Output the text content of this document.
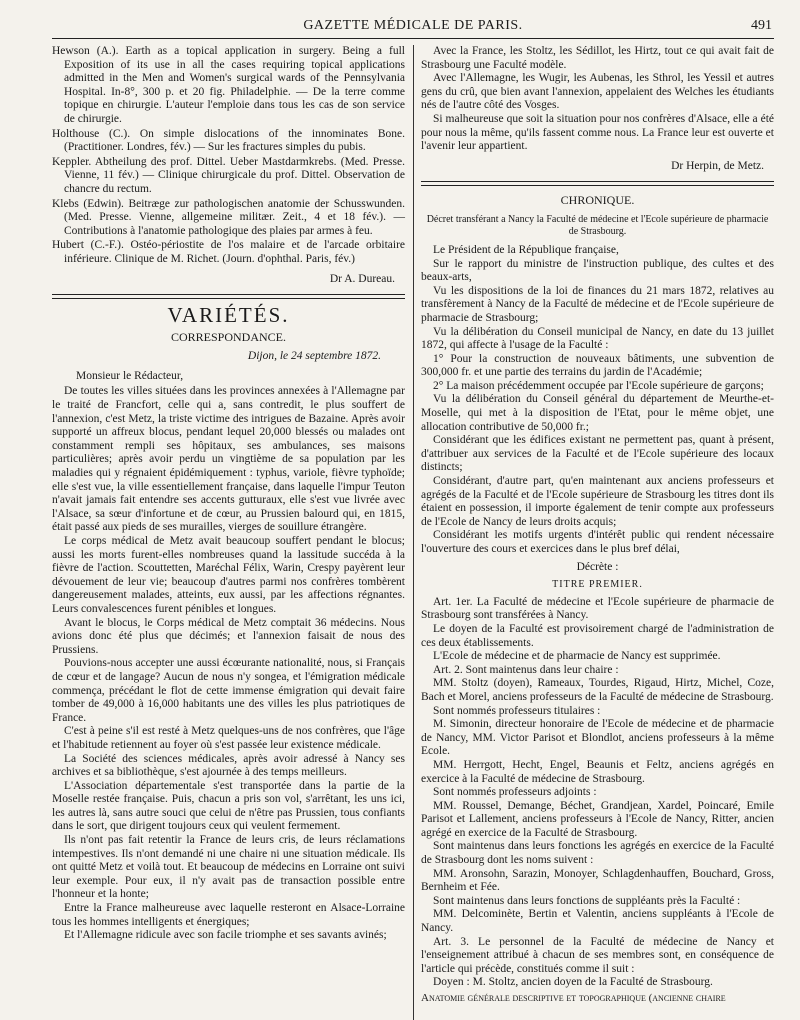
GAZETTE MÉDICALE DE PARIS.	491

Hewson (A.). Earth as a topical application in surgery. Being a full Exposition of its use in all the cases requiring topical applications admitted in the Men and Women's surgical wards of the Pennsylvania Hospital. In-8°, 300 p. et 20 fig. Philadelphie. — De la terre comme topique en chirurgie. L'auteur l'emploie dans tous les cas de son service de chirurgie.

Holthouse (C.). On simple dislocations of the innominates Bone. (Practitioner. Londres, fév.) — Sur les fractures simples du pubis.

Keppler. Abtheilung des prof. Dittel. Ueber Mastdarmkrebs. (Med. Presse. Vienne, 11 fév.) — Clinique chirurgicale du prof. Dittel. Observation de chancre du rectum.

Klebs (Edwin). Beitræge zur pathologischen anatomie der Schusswunden. (Med. Presse. Vienne, allgemeine militær. Zeit., 4 et 18 fév.). — Contributions à l'anatomie pathologique des plaies par armes à feu.

Hubert (C.-F.). Ostéo-périostite de l'os malaire et de l'arcade orbitaire inférieure. Clinique de M. Richet. (Journ. d'ophthal. Paris, fév.)

Dr A. Dureau.
VARIÉTÉS.
CORRESPONDANCE.
Dijon, le 24 septembre 1872.

Monsieur le Rédacteur,

De toutes les villes situées dans les provinces annexées à l'Allemagne par le traité de Francfort, celle qui a, sans contredit, le plus souffert de l'annexion, c'est Metz, la triste victime des intrigues de Bazaine. Après avoir supporté un affreux blocus, pendant lequel 20,000 blessés ou malades ont constamment rempli ses hôpitaux, ses ambulances, ses maisons particulières; après avoir perdu un vingtième de sa population par les maladies qui y régnaient épidémiquement : typhus, variole, fièvre typhoïde; elle s'est vue, la ville essentiellement française, dans laquelle l'impur Teuton n'avait jamais fait entendre ses accents gutturaux, elle s'est vue livrée avec l'Alsace, sa sœur d'infortune et de cœur, au Prussien balourd qui, en 1815, était passé aux pieds de ses murailles, vierges de souillure étrangère.

Le corps médical de Metz avait beaucoup souffert pendant le blocus; aussi les morts furent-elles nombreuses quand la lassitude succéda à la fièvre de l'action. Scouttetten, Maréchal Félix, Warin, Crespy payèrent leur dévouement de leur vie; beaucoup d'autres parmi nos confrères tombèrent dangereusement malades, atteints, eux aussi, par les affections régnantes. Leurs convalescences furent pénibles et longues.

Avant le blocus, le Corps médical de Metz comptait 36 médecins. Nous avions donc été plus que décimés; et l'annexion faisait de nous des Prussiens.

Pouvions-nous accepter une aussi écœurante nationalité, nous, si Français de cœur et de langage? Aucun de nous n'y songea, et l'émigration médicale commença, précédant le flot de cette immense émigration qui devait faire tomber de 49,000 à 16,000 habitants une des villes les plus patriotiques de France.

C'est à peine s'il est resté à Metz quelques-uns de nos confrères, que l'âge et l'habitude retiennent au foyer où s'est passée leur existence médicale.

La Société des sciences médicales, après avoir adressé à Nancy ses archives et sa bibliothèque, s'est ajournée à des temps meilleurs.

L'Association départementale s'est transportée dans la partie de la Moselle restée française. Puis, chacun a pris son vol, s'arrêtant, les uns ici, les autres là, sans autre souci que celui de n'être pas Prussien, tous confiants dans le sort, que dirigent toujours ceux qui veulent fermement.

Ils n'ont pas fait retentir la France de leurs cris, de leurs réclamations intempestives. Ils n'ont demandé ni une chaire ni une situation médicale. Ils ont quitté Metz et voilà tout. Et beaucoup de médecins en Lorraine ont suivi leur exemple. Pour eux, il n'y avait pas de transaction possible entre l'honneur et la honte;

Entre la France malheureuse avec laquelle resteront en Alsace-Lorraine tous les hommes intelligents et énergiques;

Et l'Allemagne ridicule avec son facile triomphe et ses savants avinés;

Avec la France, les Stoltz, les Sédillot, les Hirtz, tout ce qui avait fait de Strasbourg une Faculté modèle.

Avec l'Allemagne, les Wugir, les Aubenas, les Sthrol, les Yessil et autres gens du crû, que bien avant l'annexion, appelaient des Welches les étudiants nés de l'autre côté des Vosges.

Si malheureuse que soit la situation pour nos confrères d'Alsace, elle a été pour nous la même, qu'ils fassent comme nous. La France leur est ouverte et l'avenir leur appartient.

Dr Herpin, de Metz.
CHRONIQUE.
Décret transférant a Nancy la Faculté de médecine et l'Ecole supérieure de pharmacie de Strasbourg.

Le Président de la République française,

Sur le rapport du ministre de l'instruction publique, des cultes et des beaux-arts,

Vu les dispositions de la loi de finances du 21 mars 1872, relatives au transfèrement à Nancy de la Faculté de médecine et de l'Ecole supérieure de pharmacie de Strasbourg;

Vu la délibération du Conseil municipal de Nancy, en date du 13 juillet 1872, qui affecte à l'usage de la Faculté :

1° Pour la construction de nouveaux bâtiments, une subvention de 300,000 fr. et une partie des terrains du jardin de l'Académie;

2° La maison précédemment occupée par l'Ecole supérieure de garçons;

Vu la délibération du Conseil général du département de Meurthe-et-Moselle, qui met à la disposition de l'Etat, pour le même objet, une allocation contributive de 50,000 fr.;

Considérant que les édifices existant ne permettent pas, quant à présent, d'attribuer aux services de la Faculté et de l'Ecole supérieure des locaux distincts;

Considérant, d'autre part, qu'en maintenant aux anciens professeurs et agrégés de la Faculté et de l'Ecole supérieure de Strasbourg les titres dont ils étaient en possession, il importe également de tenir compte aux professeurs de l'Ecole de Nancy de leurs droits acquis;

Considérant les motifs urgents d'intérêt public qui rendent nécessaire l'ouverture des cours et exercices dans le plus bref délai,

Décrète :
TITRE PREMIER.

Art. 1er. La Faculté de médecine et l'Ecole supérieure de pharmacie de Strasbourg sont transférées à Nancy.

Le doyen de la Faculté est provisoirement chargé de l'administration de ces deux établissements.

L'Ecole de médecine et de pharmacie de Nancy est supprimée.

Art. 2. Sont maintenus dans leur chaire :

MM. Stoltz (doyen), Rameaux, Tourdes, Rigaud, Hirtz, Michel, Coze, Bach et Morel, anciens professeurs de la Faculté de médecine de Strasbourg.

Sont nommés professeurs titulaires :

M. Simonin, directeur honoraire de l'Ecole de médecine et de pharmacie de Nancy, MM. Victor Parisot et Blondlot, anciens professeurs à la même Ecole.

MM. Herrgott, Hecht, Engel, Beaunis et Feltz, anciens agrégés en exercice à la Faculté de médecine de Strasbourg.

Sont nommés professeurs adjoints :

MM. Roussel, Demange, Béchet, Grandjean, Xardel, Poincaré, Emile Parisot et Lallement, anciens professeurs à l'Ecole de Nancy, Ritter, ancien agrégé en exercice de la Faculté de Strasbourg.

Sont maintenus dans leurs fonctions les agrégés en exercice de la Faculté de Strasbourg dont les noms suivent :

MM. Aronsohn, Sarazin, Monoyer, Schlagdenhauffen, Bouchard, Gross, Bernheim et Fée.

Sont maintenus dans leurs fonctions de suppléants près la Faculté :

MM. Delcominète, Bertin et Valentin, anciens suppléants à l'Ecole de Nancy.

Art. 3. Le personnel de la Faculté de médecine de Nancy et l'enseignement attribué à chacun de ses membres sont, en conséquence de l'article qui précède, constitués comme il suit :

Doyen : M. Stoltz, ancien doyen de la Faculté de Strasbourg.

Anatomie générale descriptive et topographique (ancienne chaire
